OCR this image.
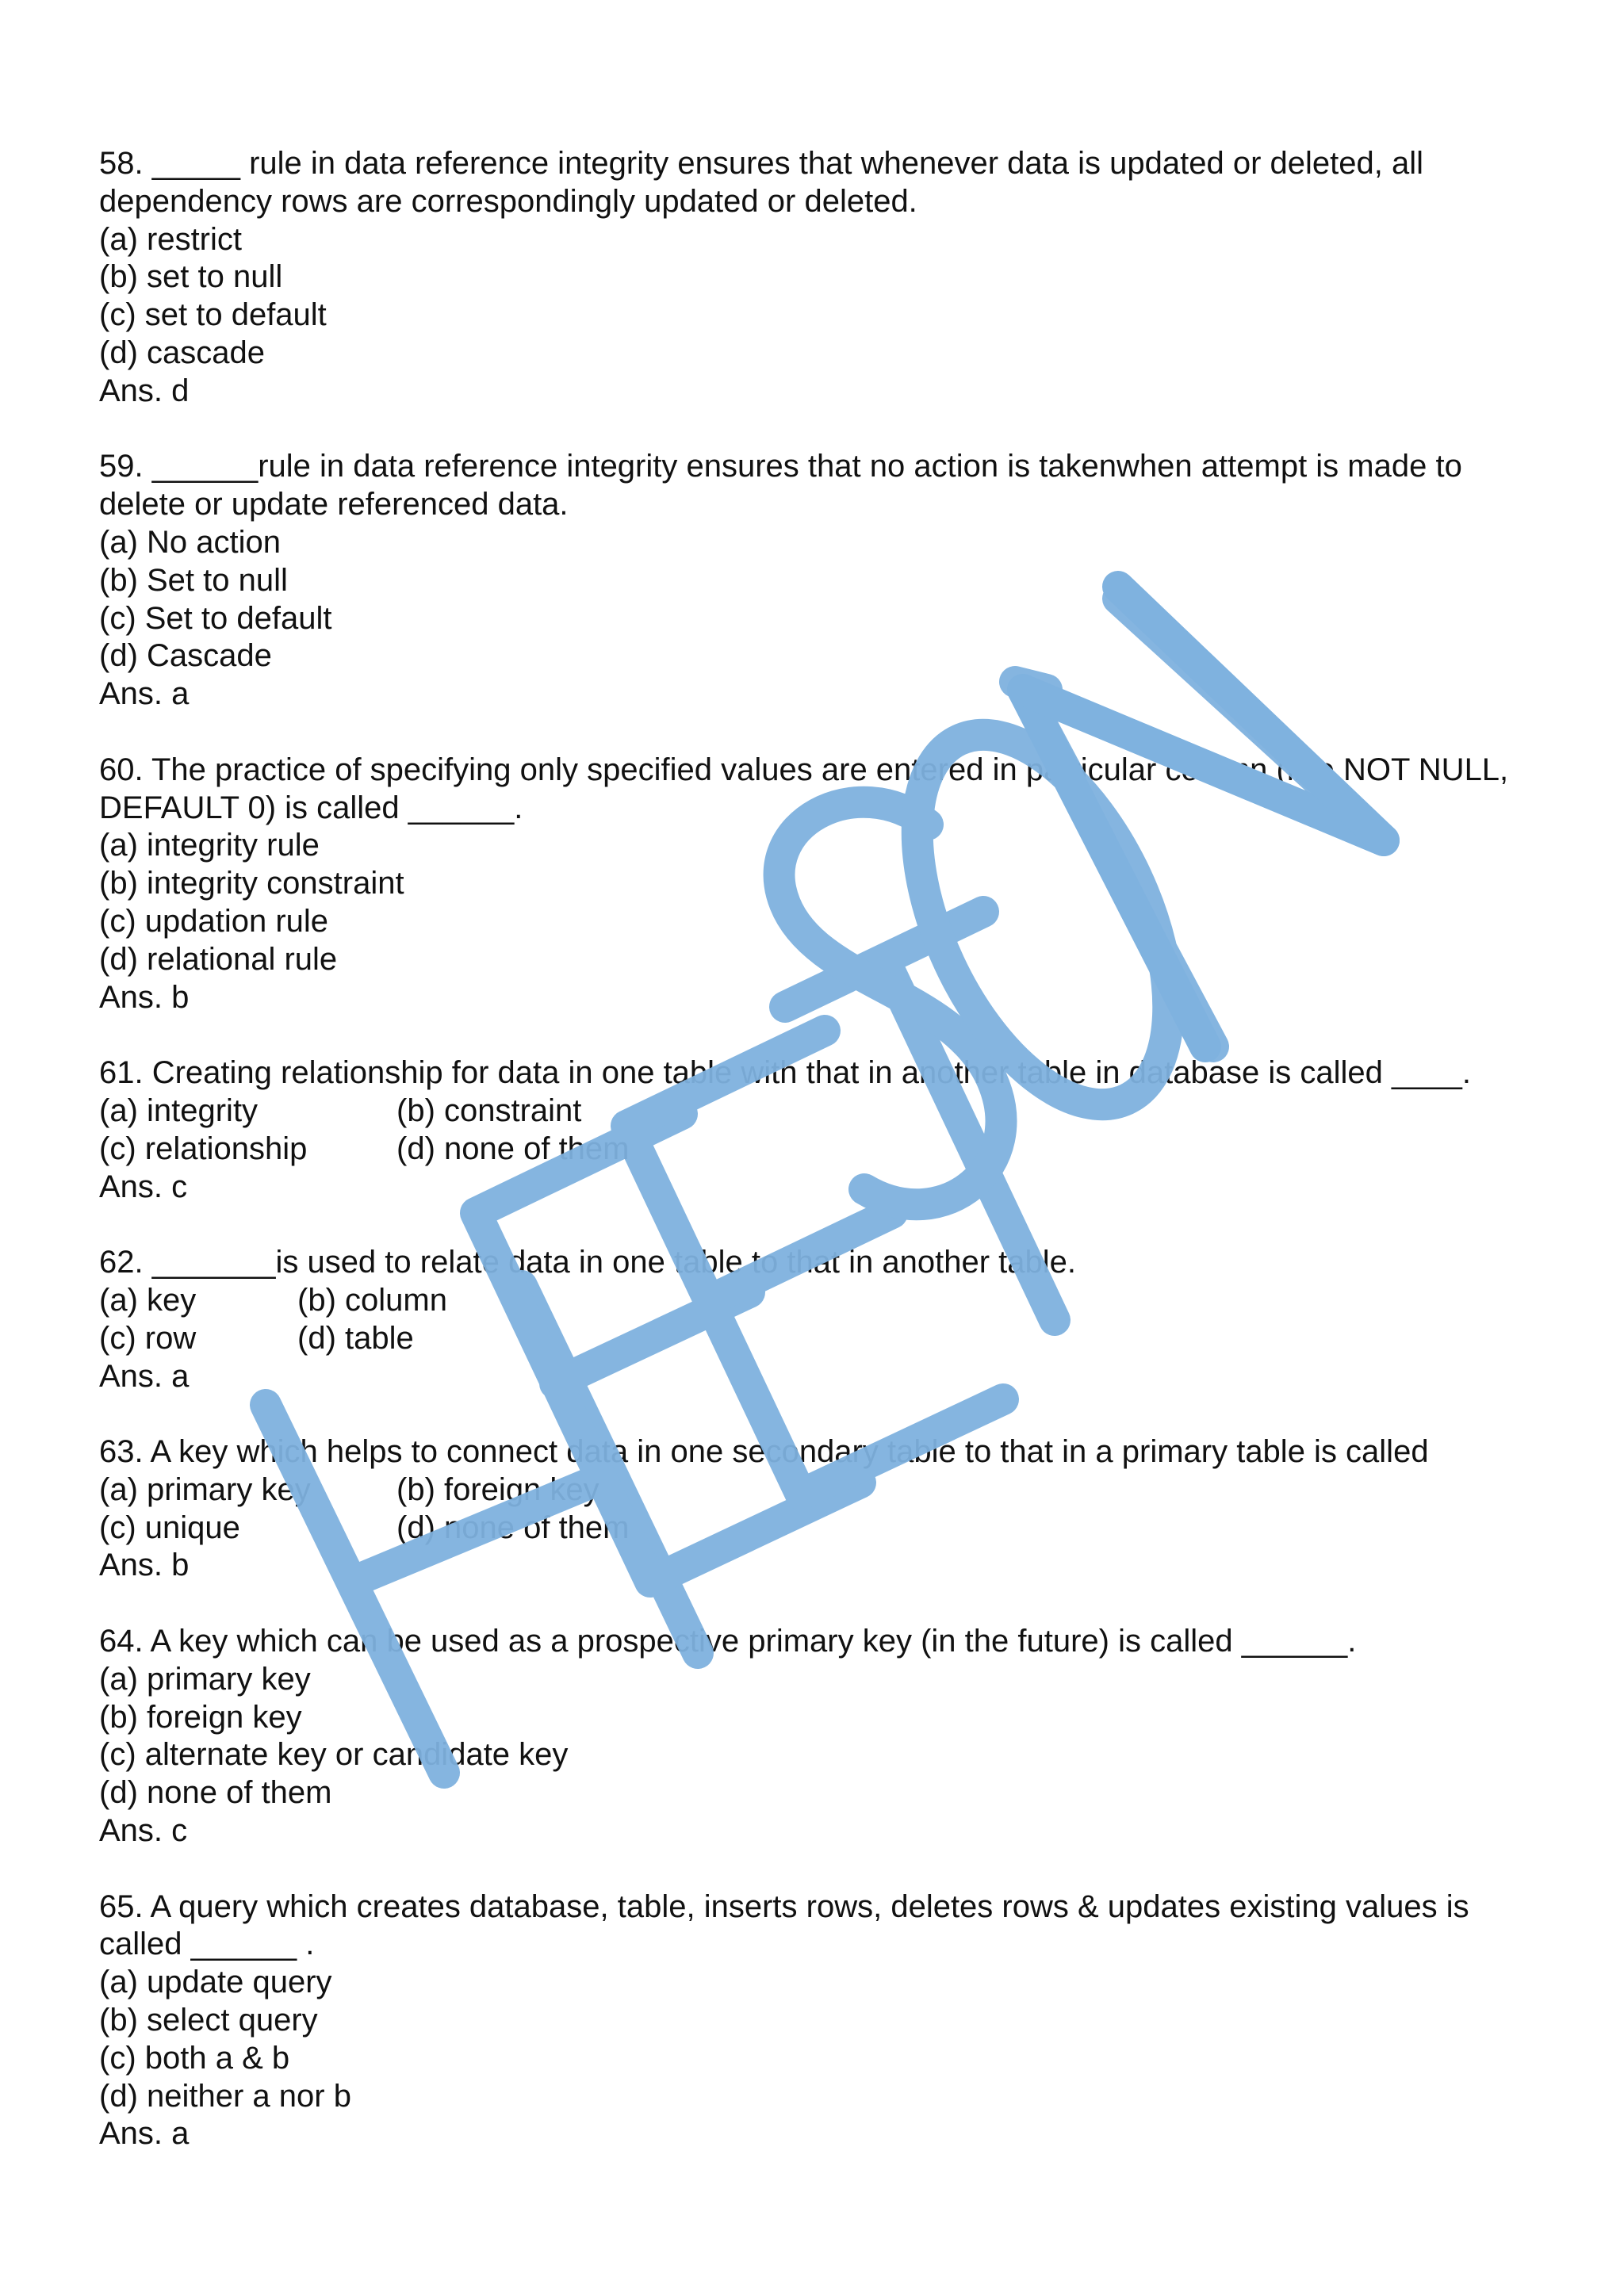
58. _____ rule in data reference integrity ensures that whenever data is updated or deleted, all dependency rows are correspondingly updated or deleted.
(a) restrict
(b) set to null
(c) set to default
(d) cascade
Ans. d
59. ______rule in data reference integrity ensures that no action is takenwhen attempt is made to delete or update referenced data.
(a) No action
(b) Set to null
(c) Set to default
(d) Cascade
Ans. a
60. The practice of specifying only specified values are entered in particular column (like NOT NULL, DEFAULT 0) is called ______.
(a) integrity rule
(b) integrity constraint
(c) updation rule
(d) relational rule
Ans. b
61. Creating relationship for data in one table with that in another table in database is called ____.
(a) integrity	(b) constraint
(c) relationship	(d) none of them
Ans. c
62. _______is used to relate data in one table to that in another table.
(a) key	(b) column
(c) row	(d) table
Ans. a
63. A key which helps to connect data in one secondary table to that in a primary table is called
(a) primary key	(b) foreign key
(c) unique	(d) none of them
Ans. b
64. A key which can be used as a prospective primary key (in the future) is called ______.
(a) primary key
(b) foreign key
(c) alternate key or candidate key
(d) none of them
Ans. c
65. A query which creates database, table, inserts rows, deletes rows & updates existing values is called ______ .
(a) update query
(b) select query
(c) both a & b
(d) neither a nor b
Ans. a
